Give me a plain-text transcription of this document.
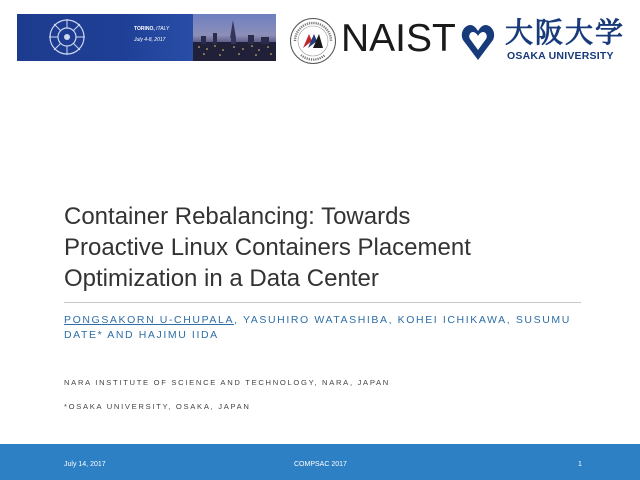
TORINO, ITALY
July 4-8, 2017	NAIST 大阪大学
OSAKA UNIVERSITY
Container Rebalancing: Towards
Proactive Linux Containers Placement
Optimization in a Data Center
PONGSAKORN U-CHUPALA, YASUHIRO WATASHIBA, KOHEI ICHIKAWA, SUSUMU DATE* AND HAJIMU IIDA
NARA INSTITUTE OF SCIENCE AND TECHNOLOGY, NARA, JAPAN
*OSAKA UNIVERSITY, OSAKA, JAPAN
July 14, 2017	COMPSAC 2017	1
